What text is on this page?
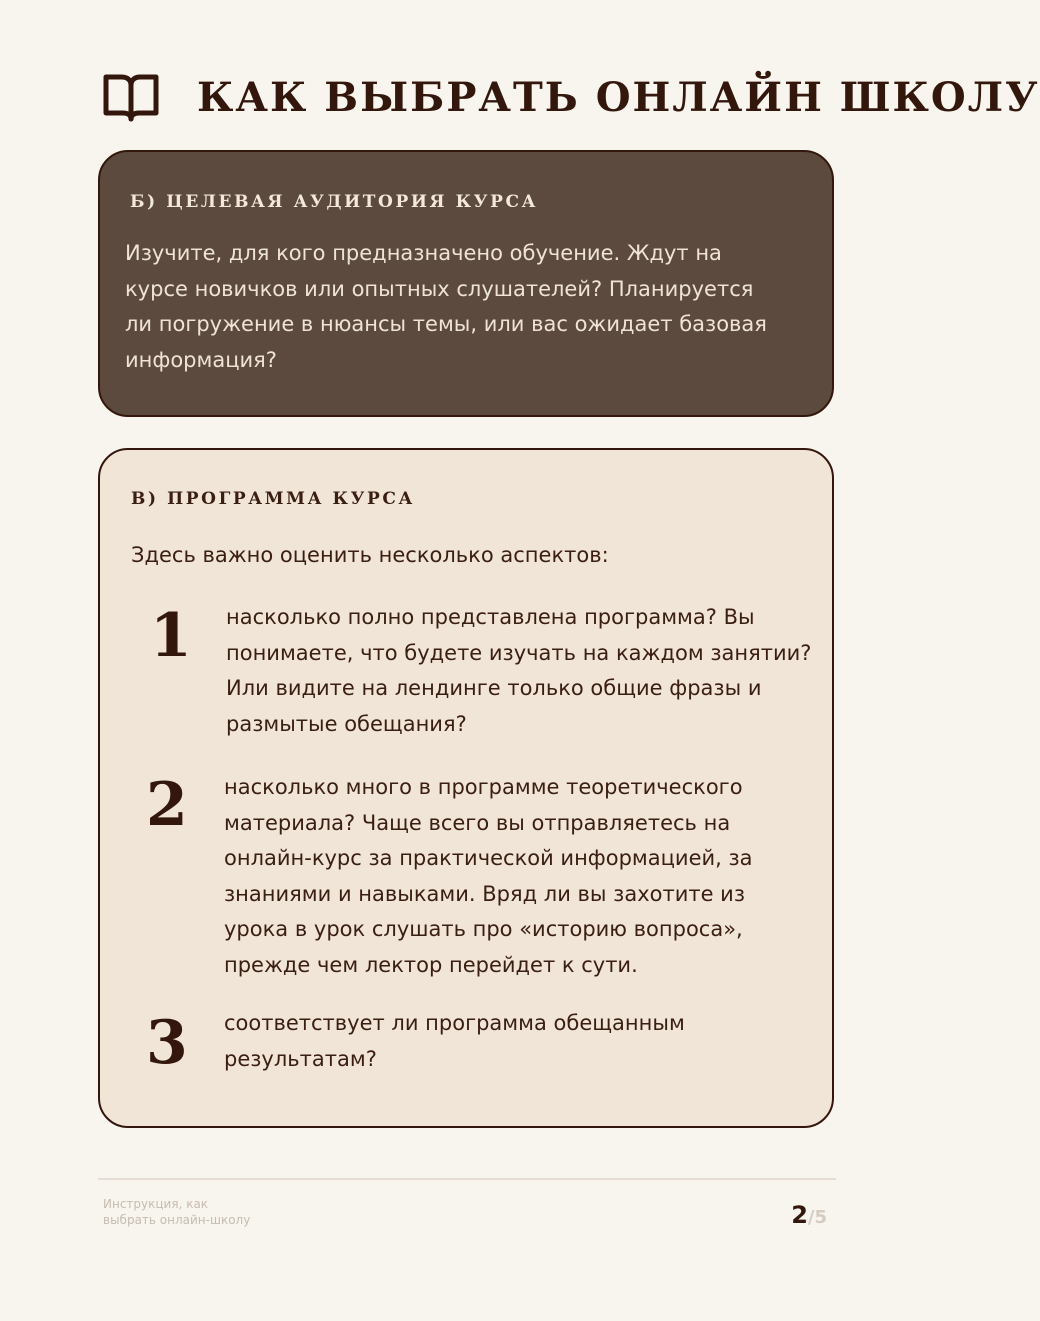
КАК ВЫБРАТЬ ОНЛАЙН ШКОЛУ
Б) ЦЕЛЕВАЯ АУДИТОРИЯ КУРСА

Изучите, для кого предназначено обучение. Ждут на
курсе новичков или опытных слушателей? Планируется
ли погружение в нюансы темы, или вас ожидает базовая
информация?

В) ПРОГРАММА КУРСА

Здесь важно оценить несколько аспектов:

1 насколько полно представлена программа? Вы
понимаете, что будете изучать на каждом занятии?
Или видите на лендинге только общие фразы и
размытые обещания?

2 насколько много в программе теоретического
материала? Чаще всего вы отправляетесь на
онлайн-курс за практической информацией, за
знаниями и навыками. Вряд ли вы захотите из
урока в урок слушать про «историю вопроса»,
прежде чем лектор перейдет к сути.

3 соответствует ли программа обещанным
результатам?

Инструкция, как
выбрать онлайн-школу	2/5
